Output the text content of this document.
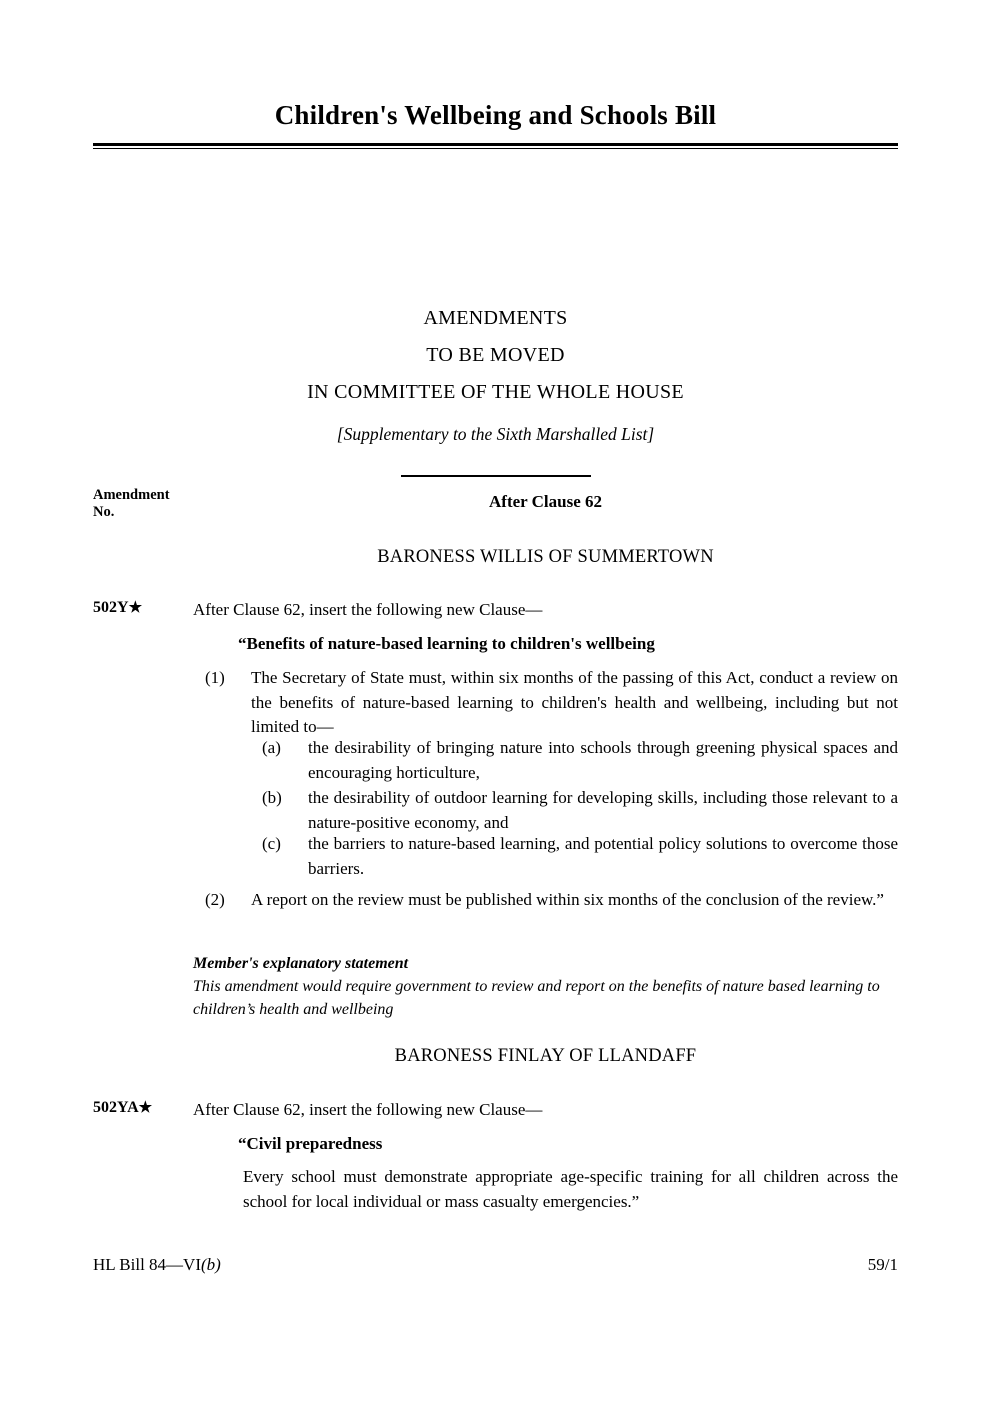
Children's Wellbeing and Schools Bill
AMENDMENTS
TO BE MOVED
IN COMMITTEE OF THE WHOLE HOUSE
[Supplementary to the Sixth Marshalled List]
Amendment
No.
After Clause 62
BARONESS WILLIS OF SUMMERTOWN
502Y★	After Clause 62, insert the following new Clause—
“Benefits of nature-based learning to children's wellbeing
(1)	The Secretary of State must, within six months of the passing of this Act, conduct a review on the benefits of nature-based learning to children's health and wellbeing, including but not limited to—
(a)	the desirability of bringing nature into schools through greening physical spaces and encouraging horticulture,
(b)	the desirability of outdoor learning for developing skills, including those relevant to a nature-positive economy, and
(c)	the barriers to nature-based learning, and potential policy solutions to overcome those barriers.
(2)	A report on the review must be published within six months of the conclusion of the review.”
Member's explanatory statement
This amendment would require government to review and report on the benefits of nature based learning to children’s health and wellbeing
BARONESS FINLAY OF LLANDAFF
502YA★ After Clause 62, insert the following new Clause—
“Civil preparedness
Every school must demonstrate appropriate age-specific training for all children across the school for local individual or mass casualty emergencies.”
HL Bill 84—VI(b)	59/1
